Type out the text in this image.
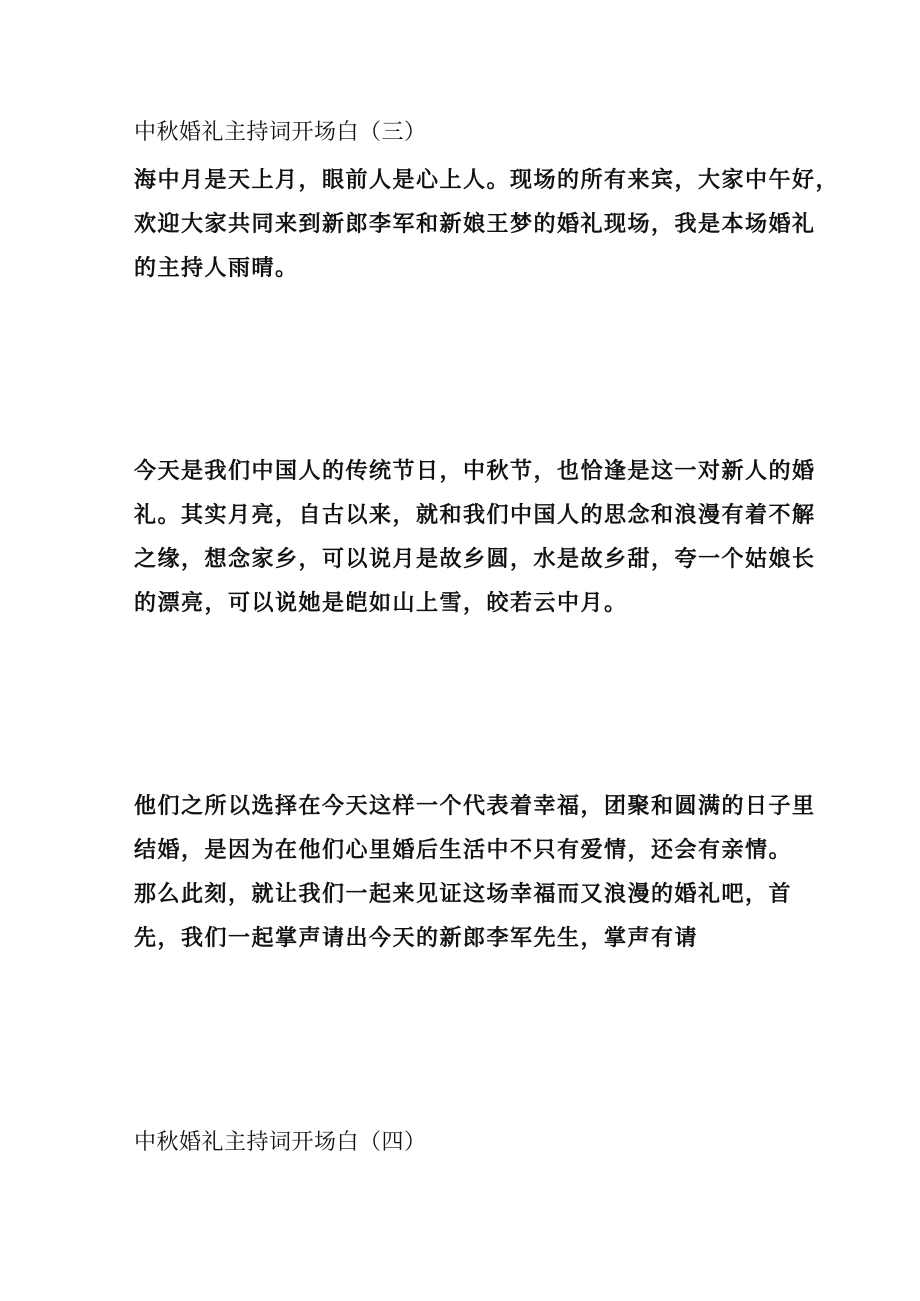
中秋婚礼主持词开场白（三）

海中月是天上月，眼前人是心上人。现场的所有来宾，大家中午好，
欢迎大家共同来到新郎李军和新娘王梦的婚礼现场，我是本场婚礼
的主持人雨晴。

今天是我们中国人的传统节日，中秋节，也恰逢是这一对新人的婚
礼。其实月亮，自古以来，就和我们中国人的思念和浪漫有着不解
之缘，想念家乡，可以说月是故乡圆，水是故乡甜，夸一个姑娘长
的漂亮，可以说她是皑如山上雪，皎若云中月。

他们之所以选择在今天这样一个代表着幸福，团聚和圆满的日子里
结婚，是因为在他们心里婚后生活中不只有爱情，还会有亲情。
那么此刻，就让我们一起来见证这场幸福而又浪漫的婚礼吧，首
先，我们一起掌声请出今天的新郎李军先生，掌声有请

中秋婚礼主持词开场白（四）
